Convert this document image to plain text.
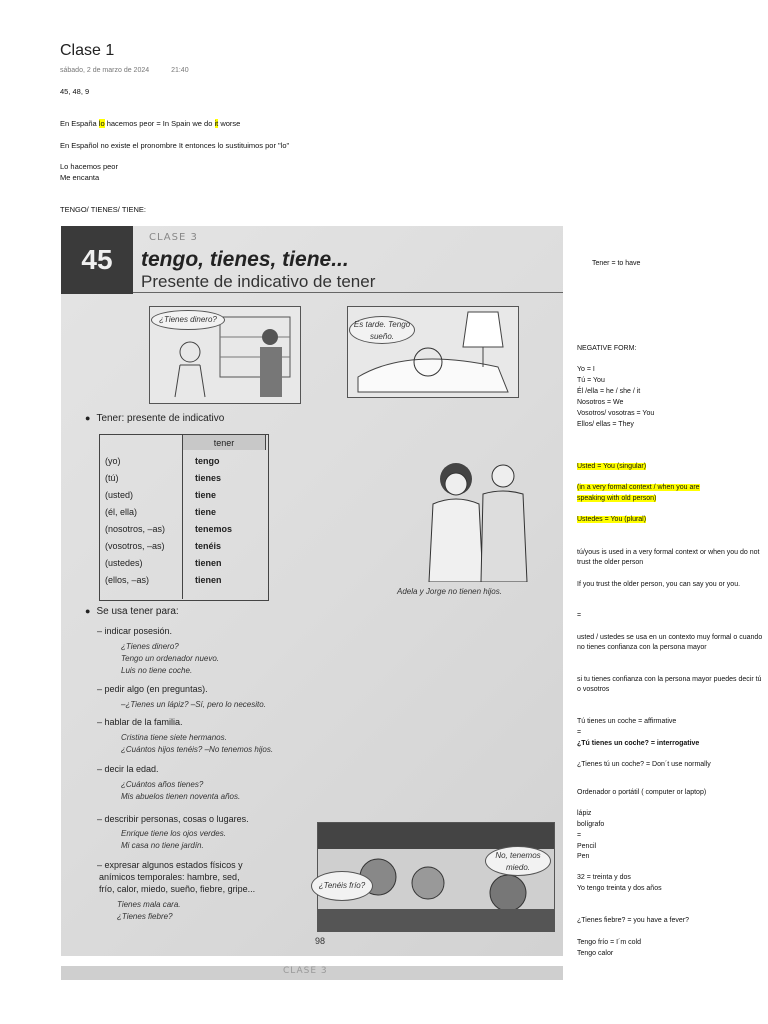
Clase 1
sábado, 2 de marzo de 2024	21:40
45, 48, 9
En España lo hacemos peor = In Spain we do it worse
En Español no existe el pronombre It entonces lo sustituimos por "lo"
Lo hacemos peor
Me encanta
TENGO/ TIENES/ TIENE:
45
CLASE 3
tengo, tienes, tiene...
Presente de indicativo de tener
¿Tienes dinero?
Es tarde. Tengo sueño.
● Tener: presente de indicativo
tener
(yo)	tengo
(tú)	tienes
(usted)	tiene
(él, ella)	tiene
(nosotros, –as)	tenemos
(vosotros, –as)	tenéis
(ustedes)	tienen
(ellos, –as)	tienen
Adela y Jorge no tienen hijos.
● Se usa tener para:
– indicar posesión.
¿Tienes dinero?
Tengo un ordenador nuevo.
Luis no tiene coche.
– pedir algo (en preguntas).
–¿Tienes un lápiz? –Sí, pero lo necesito.
– hablar de la familia.
Cristina tiene siete hermanos.
¿Cuántos hijos tenéis? –No tenemos hijos.
– decir la edad.
¿Cuántos años tienes?
Mis abuelos tienen noventa años.
– describir personas, cosas o lugares.
Enrique tiene los ojos verdes.
Mi casa no tiene jardín.
– expresar algunos estados físicos y
anímicos temporales: hambre, sed,
frío, calor, miedo, sueño, fiebre, gripe...
Tienes mala cara.
¿Tienes fiebre?
No, tenemos miedo.
¿Tenéis frío?
98
CLASE 3
Tener = to have
NEGATIVE FORM:
Yo = I
Tú = You
Él /ella = he / she / it
Nosotros = We
Vosotros/ vosotras = You
Ellos/ ellas = They
Usted = You (singular)
(in a very formal context / when you are
speaking with old person)
Ustedes = You (plural)
tú/yous is used in a very formal context or when you do not trust the older person
If you trust the older person, you can say you or you.
=
usted / ustedes se usa en un contexto muy formal o cuando no tienes confianza con la persona mayor
si tu tienes confianza con la persona mayor puedes decir tú o vosotros
Tú tienes un coche = affirmative
=
¿Tú tienes un coche? = interrogative
¿Tienes tú un coche? = Don´t use normally
Ordenador o portátil ( computer or laptop)
lápiz
bolígrafo
=
Pencil
Pen
32 = treinta y dos
Yo tengo treinta y dos años
¿Tienes fiebre? = you have a fever?
Tengo frío = I´m cold
Tengo calor
